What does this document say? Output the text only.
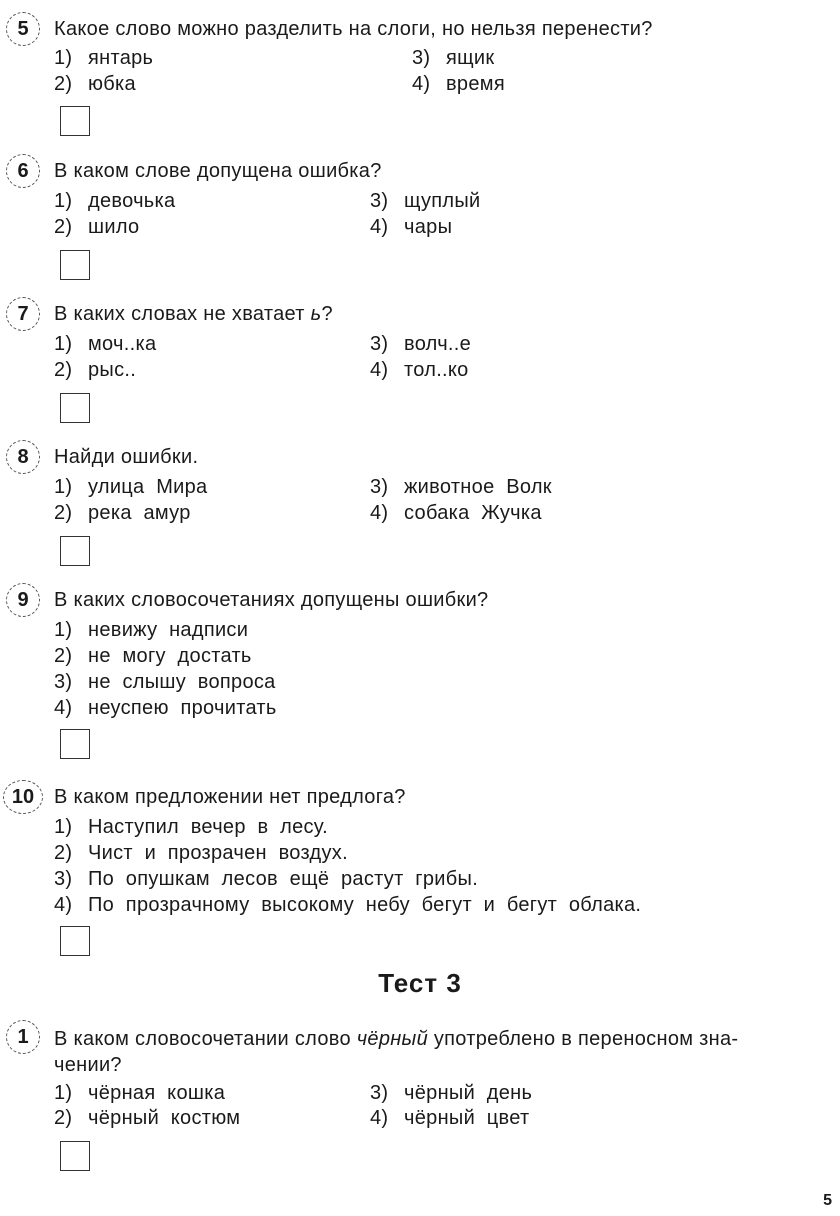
5 Какое слово можно разделить на слоги, но нельзя перенести?
1) янтарь
2) юбка
3) ящик
4) время
6 В каком слове допущена ошибка?
1) девочька
2) шило
3) щуплый
4) чары
7 В каких словах не хватает ь?
1) моч..ка
2) рыс..
3) волч..е
4) тол..ко
8 Найди ошибки.
1) улица  Мира
2) река  амур
3) животное  Волк
4) собака  Жучка
9 В каких словосочетаниях допущены ошибки?
1) невижу  надписи
2) не  могу  достать
3) не  слышу  вопроса
4) неуспею  прочитать
10 В каком предложении нет предлога?
1) Наступил  вечер  в  лесу.
2) Чист  и  прозрачен  воздух.
3) По  опушкам  лесов  ещё  растут  грибы.
4) По  прозрачному  высокому  небу  бегут  и  бегут  облака.
Тест 3
1 В каком словосочетании слово чёрный употреблено в переносном зна-
чении?
1) чёрная  кошка
2) чёрный  костюм
3) чёрный  день
4) чёрный  цвет
5
